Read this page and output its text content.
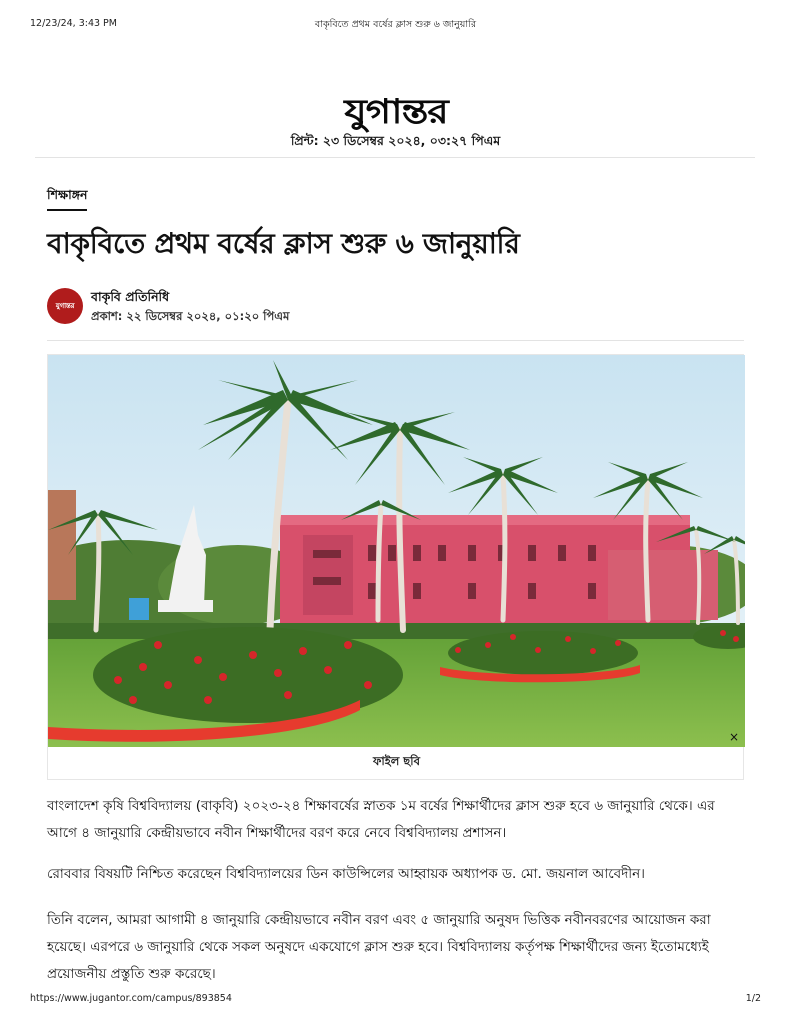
12/23/24, 3:43 PM	বাকৃবিতে প্রথম বর্ষের ক্লাস শুরু ৬ জানুয়ারি
যুগান্তর
প্রিন্ট: ২৩ ডিসেম্বর ২০২৪, ০৩:২৭ পিএম
শিক্ষাঙ্গন
বাকৃবিতে প্রথম বর্ষের ক্লাস শুরু ৬ জানুয়ারি
যুগান্তর
বাকৃবি প্রতিনিধি
প্রকাশ: ২২ ডিসেম্বর ২০২৪, ০১:২০ পিএম
×
ফাইল ছবি

বাংলাদেশ কৃষি বিশ্ববিদ্যালয় (বাকৃবি) ২০২৩-২৪ শিক্ষাবর্ষের স্নাতক ১ম বর্ষের শিক্ষার্থীদের ক্লাস শুরু হবে ৬ জানুয়ারি থেকে। এর আগে ৪ জানুয়ারি কেন্দ্রীয়ভাবে নবীন শিক্ষার্থীদের বরণ করে নেবে বিশ্ববিদ্যালয় প্রশাসন।

রোববার বিষয়টি নিশ্চিত করেছেন বিশ্ববিদ্যালয়ের ডিন কাউন্সিলের আহ্বায়ক অধ্যাপক ড. মো. জয়নাল আবেদীন।

তিনি বলেন, আমরা আগামী ৪ জানুয়ারি কেন্দ্রীয়ভাবে নবীন বরণ এবং ৫ জানুয়ারি অনুষদ ভিত্তিক নবীনবরণের আয়োজন করা হয়েছে। এরপরে ৬ জানুয়ারি থেকে সকল অনুষদে একযোগে ক্লাস শুরু হবে। বিশ্ববিদ্যালয় কর্তৃপক্ষ শিক্ষার্থীদের জন্য ইতোমধ্যেই প্রয়োজনীয় প্রস্তুতি শুরু করেছে।

https://www.jugantor.com/campus/893854	1/2
